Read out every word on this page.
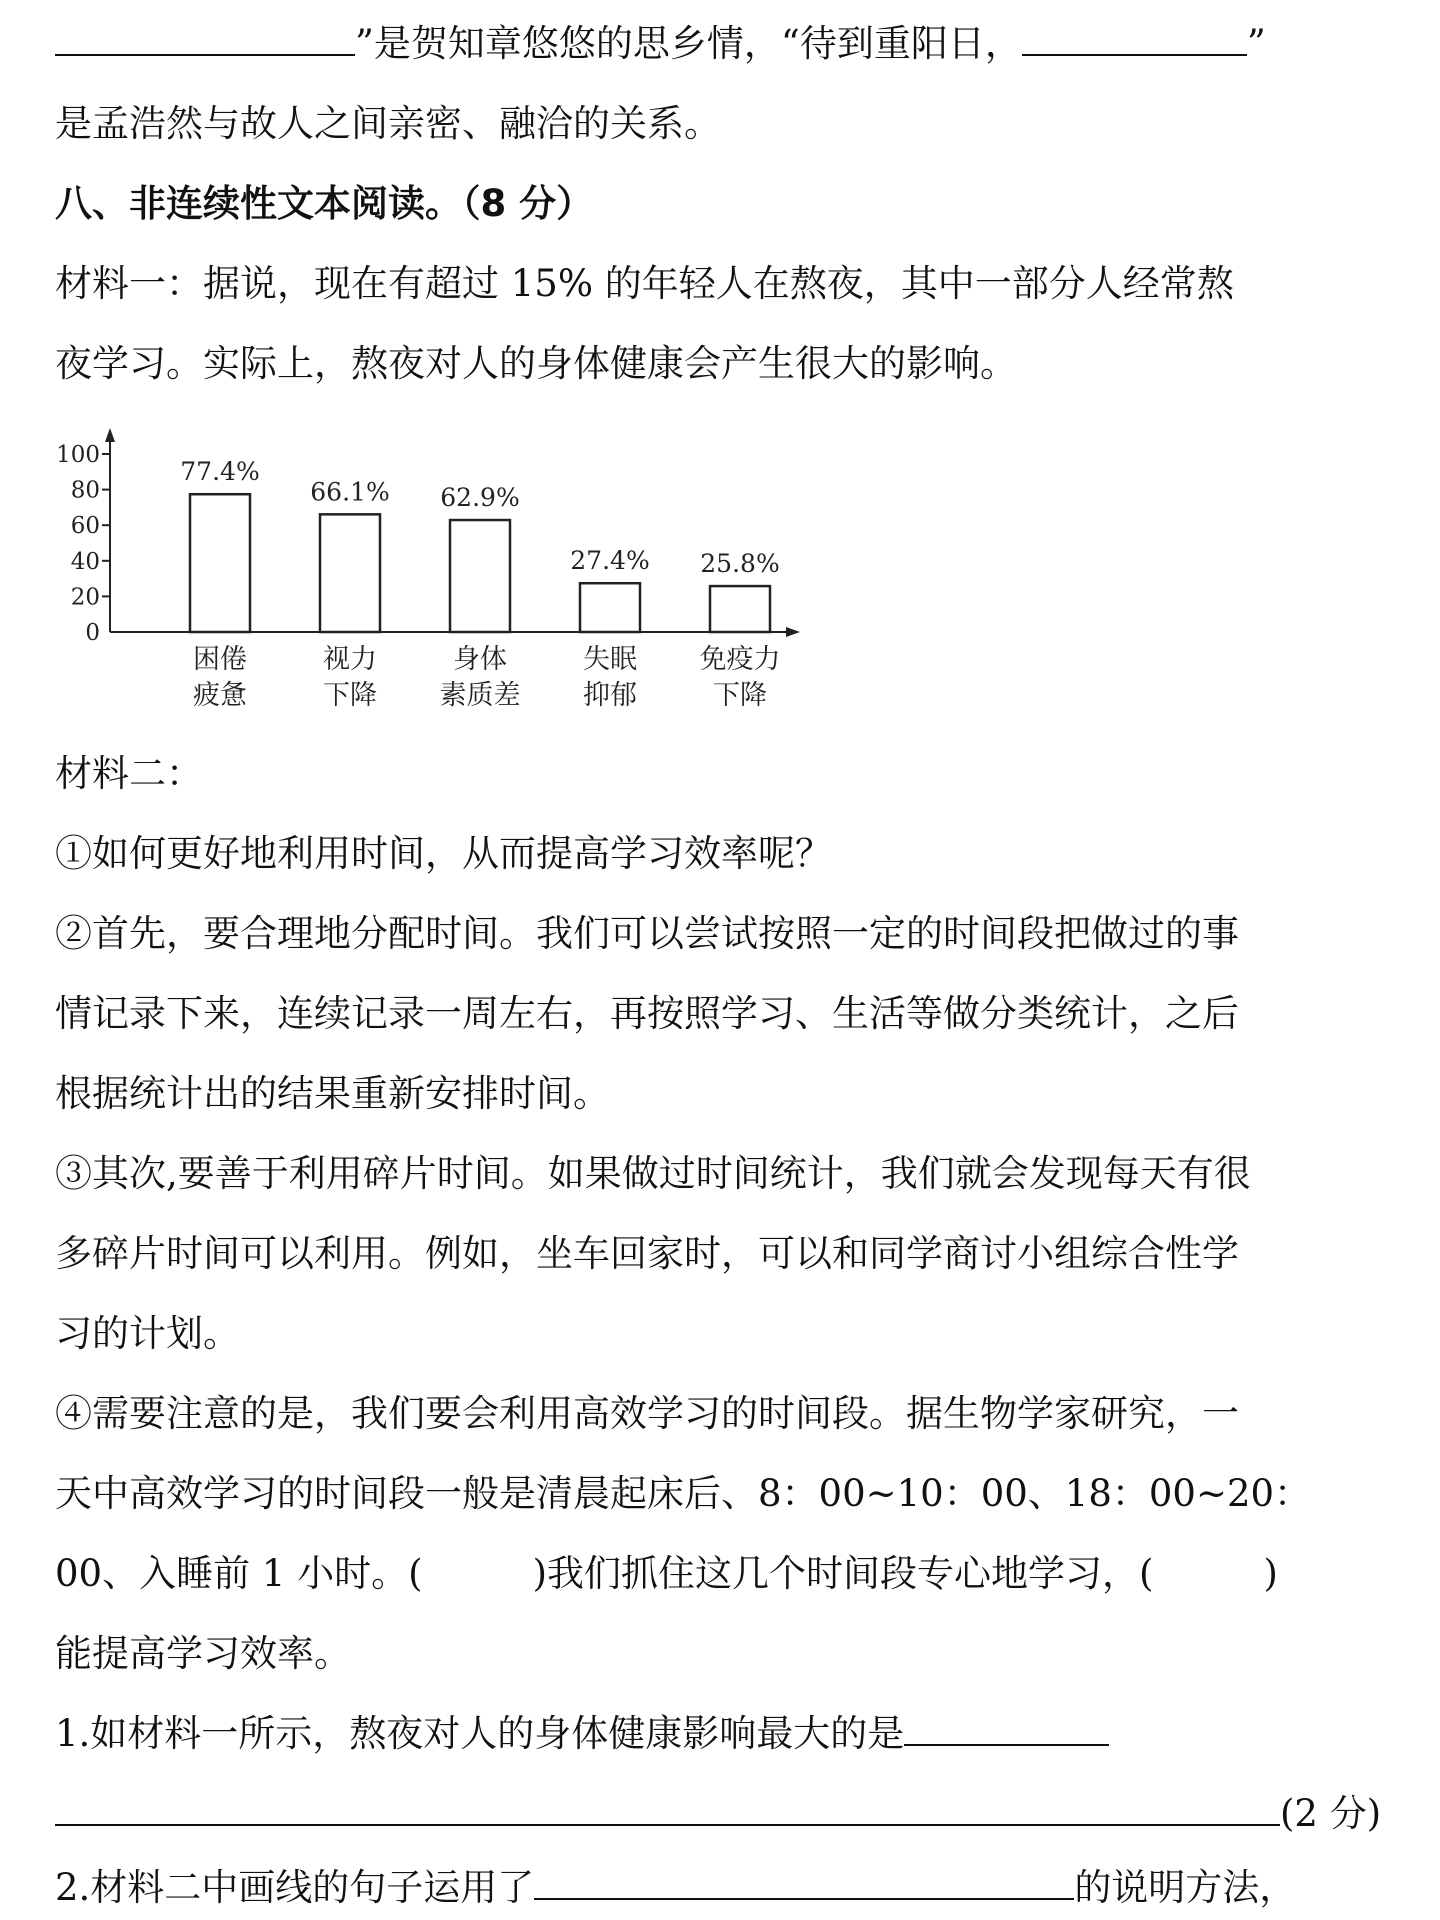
”是贺知章悠悠的思乡情，“待到重阳日，	”
是孟浩然与故人之间亲密、融洽的关系。
八、非连续性文本阅读。（8 分）
材料一：据说，现在有超过 15% 的年轻人在熬夜，其中一部分人经常熬
夜学习。实际上，熬夜对人的身体健康会产生很大的影响。
0
20
40
60
80
100
77.4%
困倦
疲惫
66.1%
视力
下降
62.9%
身体
素质差
27.4%
失眠
抑郁
25.8%
免疫力
下降
材料二：
①如何更好地利用时间，从而提高学习效率呢？
②首先，要合理地分配时间。我们可以尝试按照一定的时间段把做过的事
情记录下来，连续记录一周左右，再按照学习、生活等做分类统计，之后
根据统计出的结果重新安排时间。
③其次,要善于利用碎片时间。如果做过时间统计，我们就会发现每天有很
多碎片时间可以利用。例如，坐车回家时，可以和同学商讨小组综合性学
习的计划。
④需要注意的是，我们要会利用高效学习的时间段。据生物学家研究，一
天中高效学习的时间段一般是清晨起床后、8：00~10：00、18：00~20：
00、入睡前 1 小时。(	)我们抓住这几个时间段专心地学习，(	)
能提高学习效率。
1.如材料一所示，熬夜对人的身体健康影响最大的是
(2 分)
2.材料二中画线的句子运用了	的说明方法，
